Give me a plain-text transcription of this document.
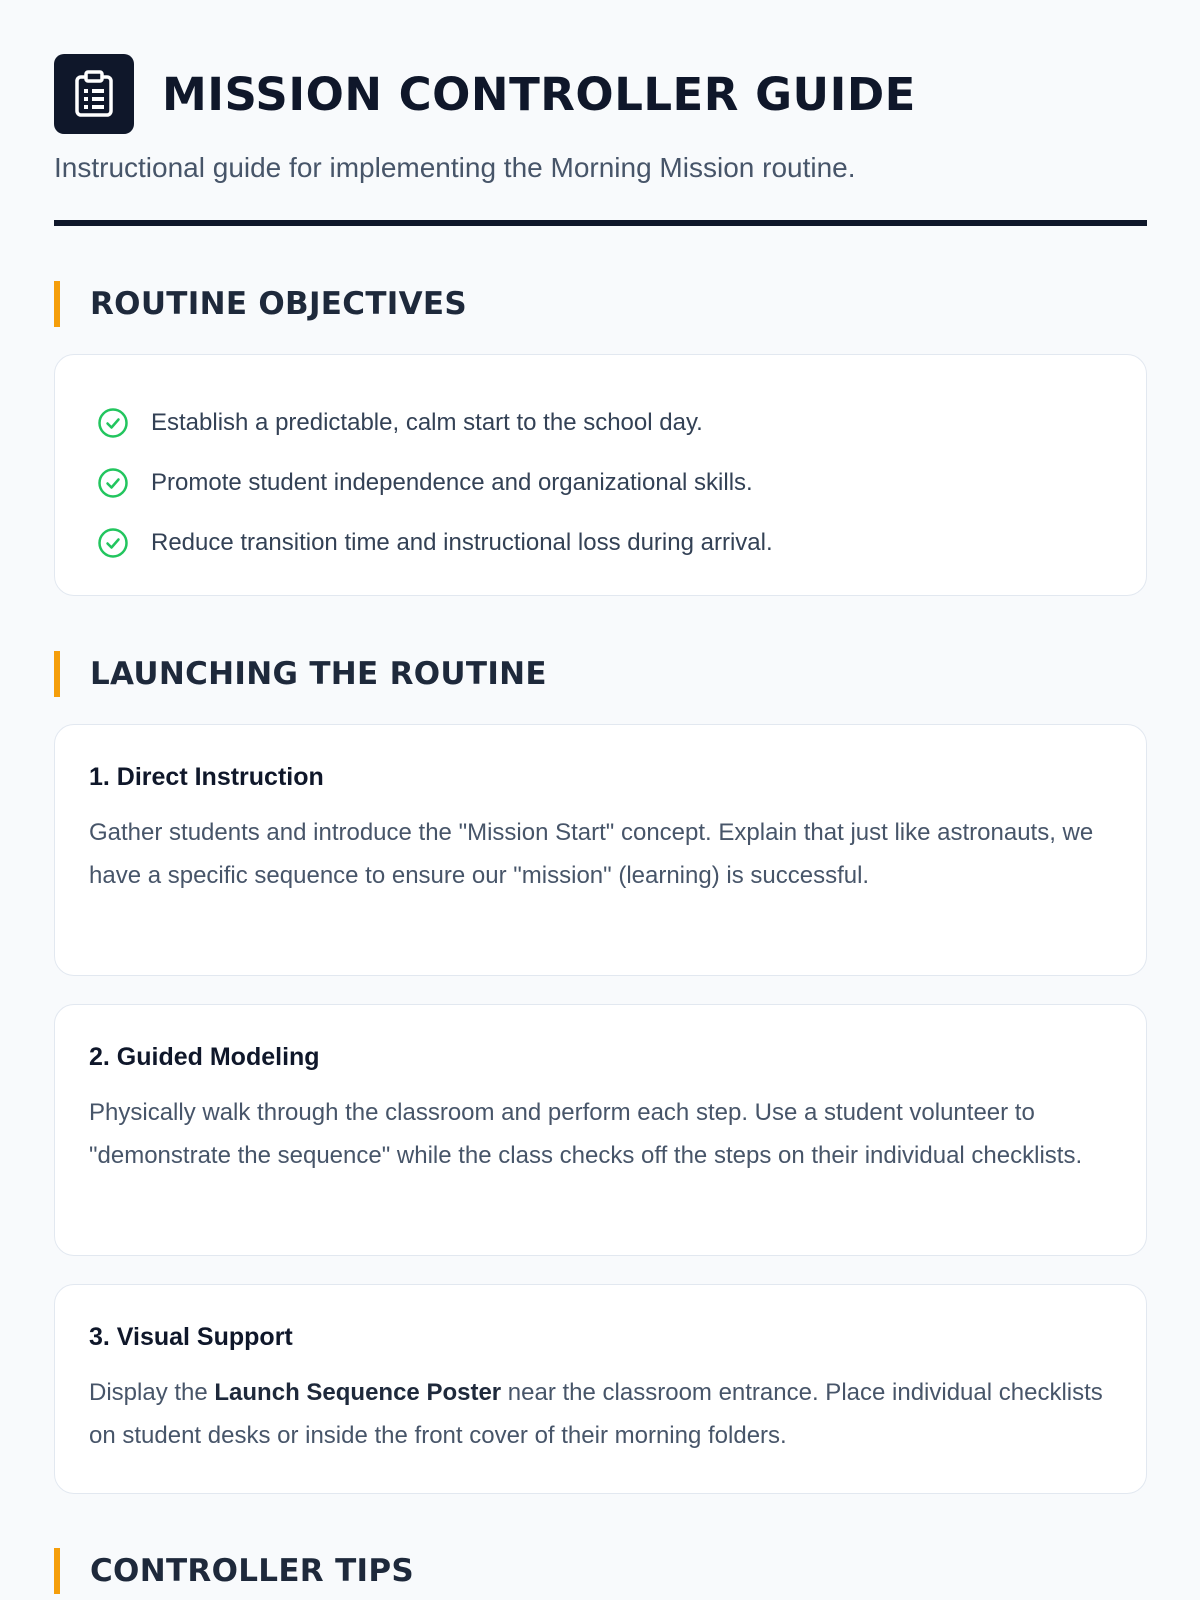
MISSION CONTROLLER GUIDE

Instructional guide for implementing the Morning Mission routine.

ROUTINE OBJECTIVES
Establish a predictable, calm start to the school day.
Promote student independence and organizational skills.
Reduce transition time and instructional loss during arrival.
LAUNCHING THE ROUTINE
1. Direct Instruction

Gather students and introduce the "Mission Start" concept. Explain that just like astronauts, we have a specific sequence to ensure our "mission" (learning) is successful.

2. Guided Modeling

Physically walk through the classroom and perform each step. Use a student volunteer to "demonstrate the sequence" while the class checks off the steps on their individual checklists.

3. Visual Support

Display the Launch Sequence Poster near the classroom entrance. Place individual checklists on student desks or inside the front cover of their morning folders.

CONTROLLER TIPS
